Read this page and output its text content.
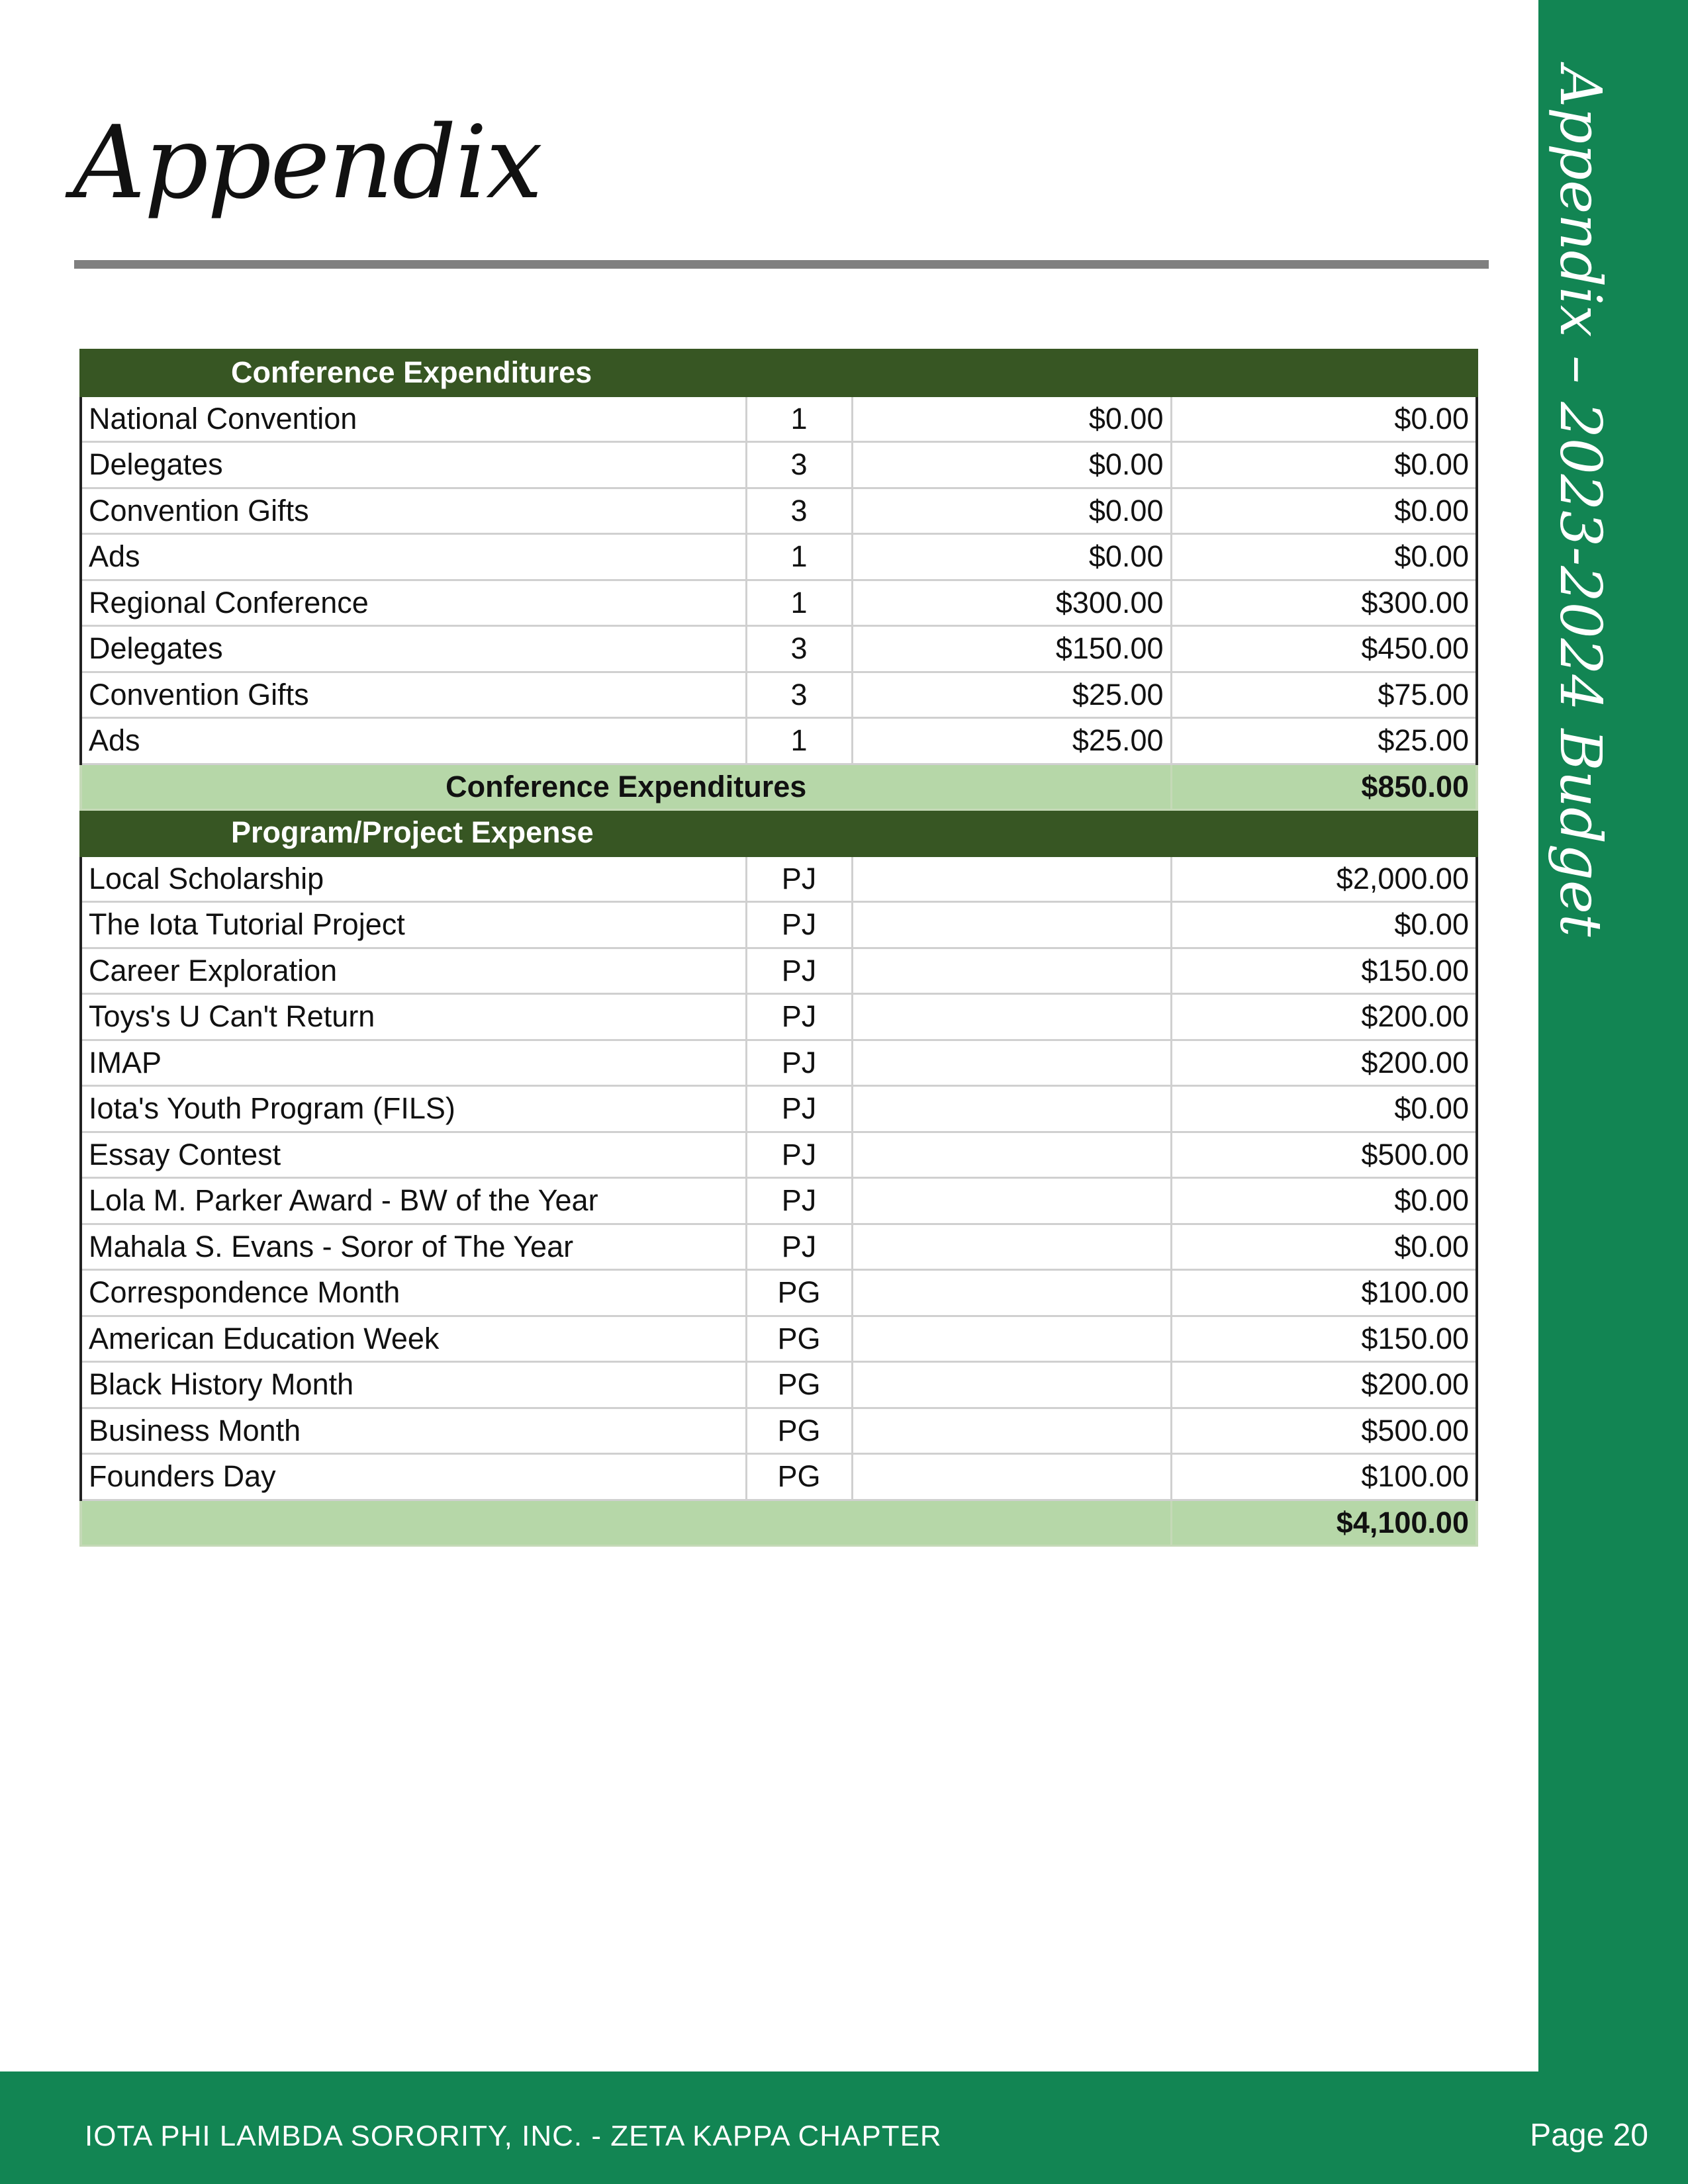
Appendix	Appendix – 2023-2024 Budget
Conference Expenditures			
National Convention	1	$0.00	$0.00
Delegates	3	$0.00	$0.00
Convention Gifts	3	$0.00	$0.00
Ads	1	$0.00	$0.00
Regional Conference	1	$300.00	$300.00
Delegates	3	$150.00	$450.00
Convention Gifts	3	$25.00	$75.00
Ads	1	$25.00	$25.00
Conference Expenditures			$850.00
Program/Project Expense			
Local Scholarship	PJ		$2,000.00
The Iota Tutorial Project	PJ		$0.00
Career Exploration	PJ		$150.00
Toys's U Can't Return	PJ		$200.00
IMAP	PJ		$200.00
Iota's Youth Program (FILS)	PJ		$0.00
Essay Contest	PJ		$500.00
Lola M. Parker Award - BW of the Year	PJ		$0.00
Mahala S. Evans - Soror of The Year	PJ		$0.00
Correspondence Month	PG		$100.00
American Education Week	PG		$150.00
Black History Month	PG		$200.00
Business Month	PG		$500.00
Founders Day	PG		$100.00
			$4,100.00
IOTA PHI LAMBDA SORORITY, INC. - ZETA KAPPA CHAPTER	Page 20
